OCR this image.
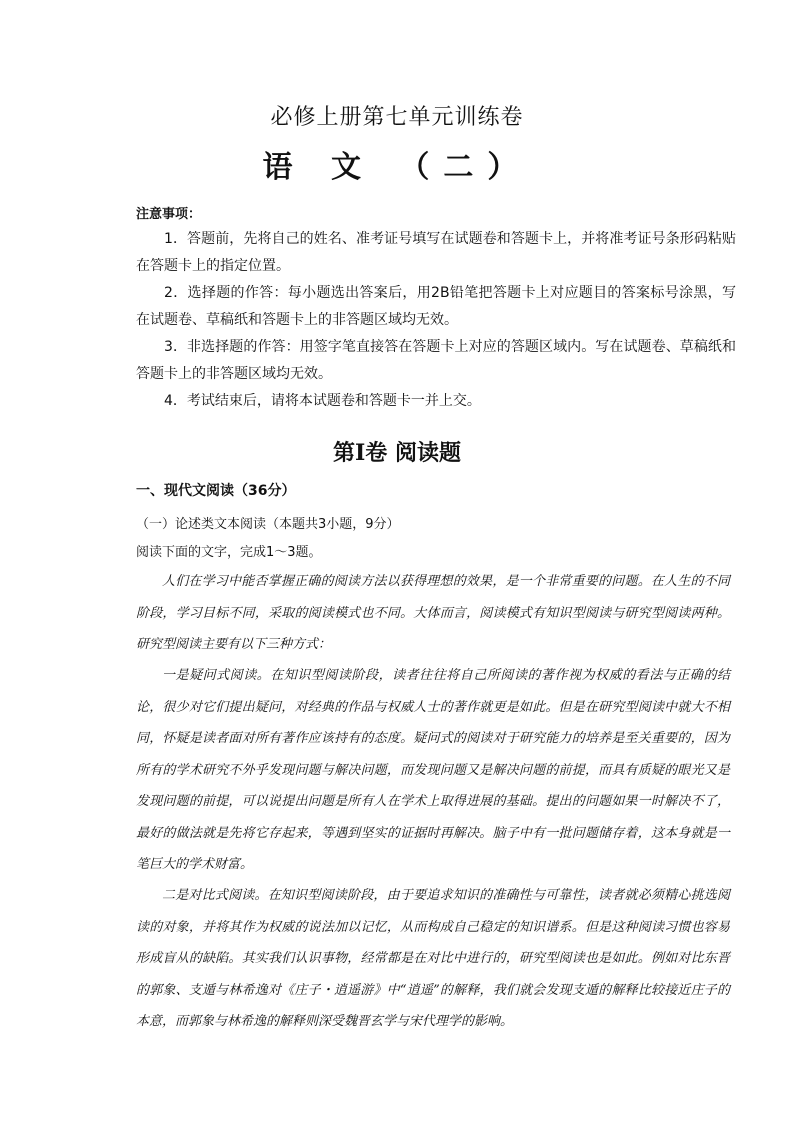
必修上册第七单元训练卷
语 文 （二）
注意事项：
1．答题前，先将自己的姓名、准考证号填写在试题卷和答题卡上，并将准考证号条形码粘贴在答题卡上的指定位置。
2．选择题的作答：每小题选出答案后，用2B铅笔把答题卡上对应题目的答案标号涂黑，写在试题卷、草稿纸和答题卡上的非答题区域均无效。
3．非选择题的作答：用签字笔直接答在答题卡上对应的答题区域内。写在试题卷、草稿纸和答题卡上的非答题区域均无效。
4．考试结束后，请将本试题卷和答题卡一并上交。
第Ⅰ卷 阅读题
一、现代文阅读（36分）
（一）论述类文本阅读（本题共3小题，9分）
阅读下面的文字，完成1～3题。
人们在学习中能否掌握正确的阅读方法以获得理想的效果，是一个非常重要的问题。在人生的不同阶段，学习目标不同，采取的阅读模式也不同。大体而言，阅读模式有知识型阅读与研究型阅读两种。研究型阅读主要有以下三种方式：
一是疑问式阅读。在知识型阅读阶段，读者往往将自己所阅读的著作视为权威的看法与正确的结论，很少对它们提出疑问，对经典的作品与权威人士的著作就更是如此。但是在研究型阅读中就大不相同，怀疑是读者面对所有著作应该持有的态度。疑问式的阅读对于研究能力的培养是至关重要的，因为所有的学术研究不外乎发现问题与解决问题，而发现问题又是解决问题的前提，而具有质疑的眼光又是发现问题的前提，可以说提出问题是所有人在学术上取得进展的基础。提出的问题如果一时解决不了，最好的做法就是先将它存起来，等遇到坚实的证据时再解决。脑子中有一批问题储存着，这本身就是一笔巨大的学术财富。
二是对比式阅读。在知识型阅读阶段，由于要追求知识的准确性与可靠性，读者就必须精心挑选阅读的对象，并将其作为权威的说法加以记忆，从而构成自己稳定的知识谱系。但是这种阅读习惯也容易形成盲从的缺陷。其实我们认识事物，经常都是在对比中进行的，研究型阅读也是如此。例如对比东晋的郭象、支遁与林希逸对《庄子・逍遥游》中“逍遥”的解释，我们就会发现支遁的解释比较接近庄子的本意，而郭象与林希逸的解释则深受魏晋玄学与宋代理学的影响。
